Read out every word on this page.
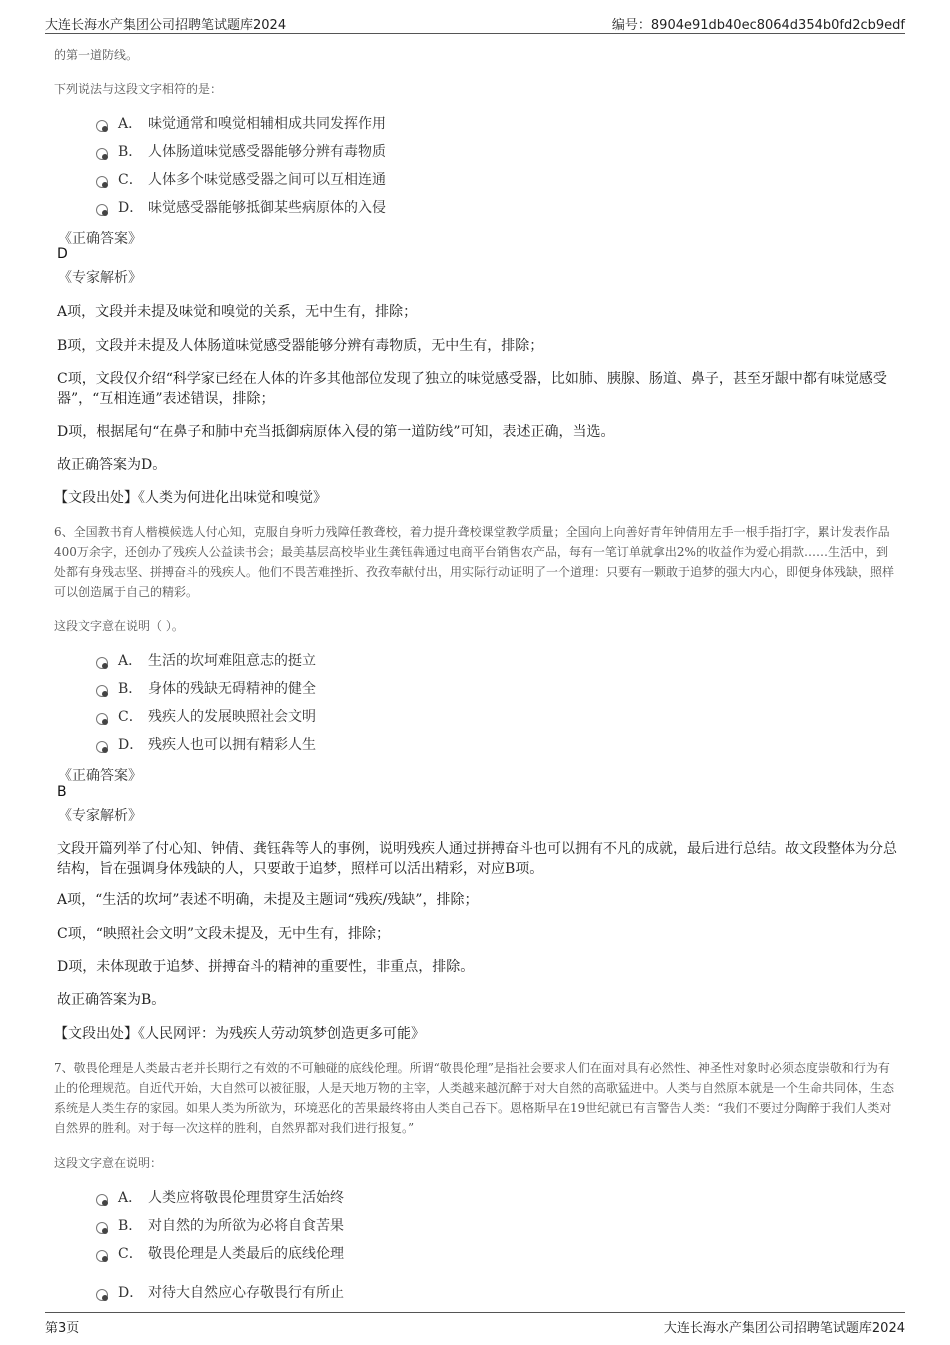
大连长海水产集团公司招聘笔试题库2024	编号：8904e91db40ec8064d354b0fd2cb9edf
的第一道防线。
下列说法与这段文字相符的是：
A． 味觉通常和嗅觉相辅相成共同发挥作用
B． 人体肠道味觉感受器能够分辨有毒物质
C． 人体多个味觉感受器之间可以互相连通
D． 味觉感受器能够抵御某些病原体的入侵
《正确答案》
D
《专家解析》
A项，文段并未提及味觉和嗅觉的关系，无中生有，排除；
B项，文段并未提及人体肠道味觉感受器能够分辨有毒物质，无中生有，排除；
C项，文段仅介绍“科学家已经在人体的许多其他部位发现了独立的味觉感受器，比如肺、胰腺、肠道、鼻子，甚至牙龈中都有味觉感受器”，“互相连通”表述错误，排除；
D项，根据尾句“在鼻子和肺中充当抵御病原体入侵的第一道防线”可知，表述正确，当选。
故正确答案为D。
【文段出处】《人类为何进化出味觉和嗅觉》
6、全国教书育人楷模候选人付心知，克服自身听力残障任教聋校，着力提升聋校课堂教学质量；全国向上向善好青年钟倩用左手一根手指打字，累计发表作品400万余字，还创办了残疾人公益读书会；最美基层高校毕业生龚钰犇通过电商平台销售农产品，每有一笔订单就拿出2%的收益作为爱心捐款……生活中，到处都有身残志坚、拼搏奋斗的残疾人。他们不畏苦难挫折、孜孜奉献付出，用实际行动证明了一个道理：只要有一颗敢于追梦的强大内心，即便身体残缺，照样可以创造属于自己的精彩。
这段文字意在说明（ ）。
A． 生活的坎坷难阻意志的挺立
B． 身体的残缺无碍精神的健全
C． 残疾人的发展映照社会文明
D． 残疾人也可以拥有精彩人生
《正确答案》
B
《专家解析》
文段开篇列举了付心知、钟倩、龚钰犇等人的事例，说明残疾人通过拼搏奋斗也可以拥有不凡的成就，最后进行总结。故文段整体为分总结构，旨在强调身体残缺的人，只要敢于追梦，照样可以活出精彩，对应B项。
A项，“生活的坎坷”表述不明确，未提及主题词“残疾/残缺”，排除；
C项，“映照社会文明”文段未提及，无中生有，排除；
D项，未体现敢于追梦、拼搏奋斗的精神的重要性，非重点，排除。
故正确答案为B。
【文段出处】《人民网评：为残疾人劳动筑梦创造更多可能》
7、敬畏伦理是人类最古老并长期行之有效的不可触碰的底线伦理。所谓“敬畏伦理”是指社会要求人们在面对具有必然性、神圣性对象时必须态度崇敬和行为有止的伦理规范。自近代开始，大自然可以被征服，人是天地万物的主宰，人类越来越沉醉于对大自然的高歌猛进中。人类与自然原本就是一个生命共同体，生态系统是人类生存的家园。如果人类为所欲为，环境恶化的苦果最终将由人类自己吞下。恩格斯早在19世纪就已有言警告人类：“我们不要过分陶醉于我们人类对自然界的胜利。对于每一次这样的胜利，自然界都对我们进行报复。”
这段文字意在说明：
A． 人类应将敬畏伦理贯穿生活始终
B． 对自然的为所欲为必将自食苦果
C． 敬畏伦理是人类最后的底线伦理
D． 对待大自然应心存敬畏行有所止
第3页	大连长海水产集团公司招聘笔试题库2024
